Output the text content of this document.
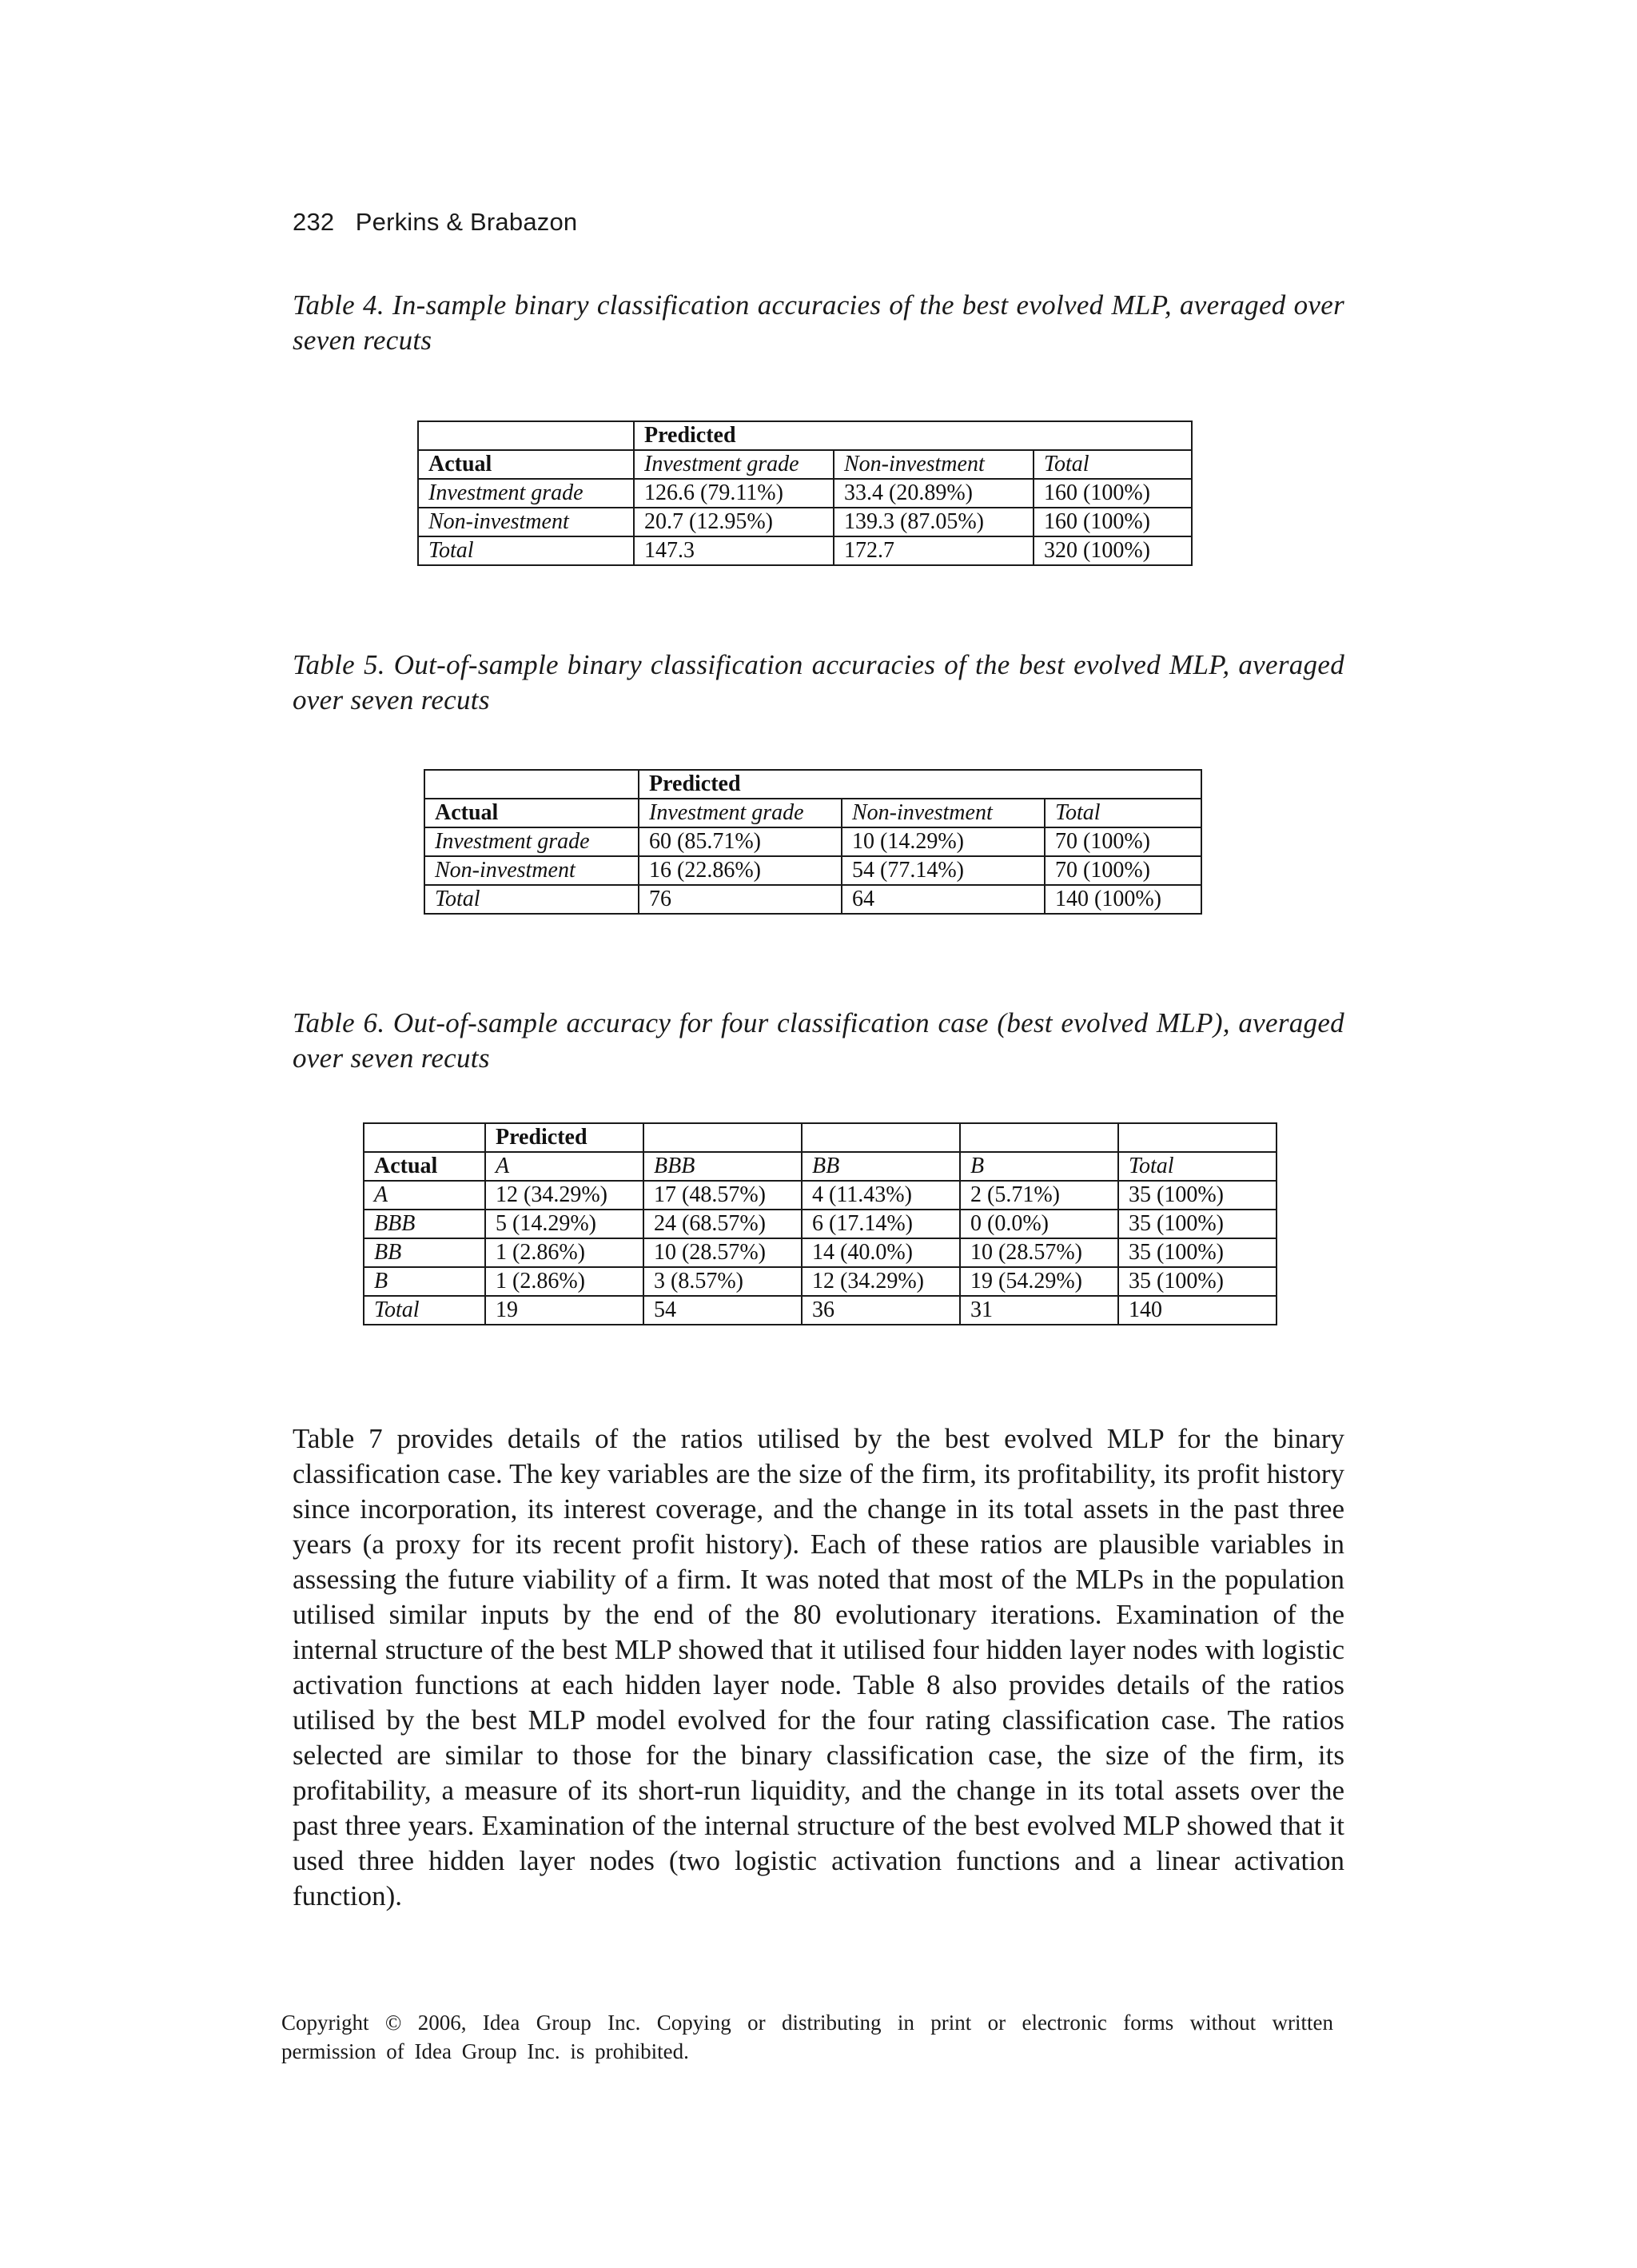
232   Perkins & Brabazon
Table 4. In-sample binary classification accuracies of the best evolved MLP, averaged over seven recuts
	Predicted		
Actual	Investment grade	Non-investment	Total
Investment grade	126.6 (79.11%)	33.4 (20.89%)	160 (100%)
Non-investment	20.7 (12.95%)	139.3 (87.05%)	160 (100%)
Total	147.3	172.7	320 (100%)
Table 5. Out-of-sample binary classification accuracies of the best evolved MLP, averaged over seven recuts
	Predicted		
Actual	Investment grade	Non-investment	Total
Investment grade	60 (85.71%)	10 (14.29%)	70 (100%)
Non-investment	16 (22.86%)	54 (77.14%)	70 (100%)
Total	76	64	140 (100%)
Table 6. Out-of-sample accuracy for four classification case (best evolved MLP), averaged over seven recuts
	Predicted				
Actual	A	BBB	BB	B	Total
A	12 (34.29%)	17 (48.57%)	4 (11.43%)	2 (5.71%)	35 (100%)
BBB	5 (14.29%)	24 (68.57%)	6 (17.14%)	0 (0.0%)	35 (100%)
BB	1 (2.86%)	10 (28.57%)	14 (40.0%)	10 (28.57%)	35 (100%)
B	1 (2.86%)	3 (8.57%)	12 (34.29%)	19 (54.29%)	35 (100%)
Total	19	54	36	31	140

Table 7 provides details of the ratios utilised by the best evolved MLP for the binary classification case. The key variables are the size of the firm, its profitability, its profit history since incorporation, its interest coverage, and the change in its total assets in the past three years (a proxy for its recent profit history). Each of these ratios are plausible variables in assessing the future viability of a firm. It was noted that most of the MLPs in the population utilised similar inputs by the end of the 80 evolutionary iterations. Examination of the internal structure of the best MLP showed that it utilised four hidden layer nodes with logistic activation functions at each hidden layer node. Table 8 also provides details of the ratios utilised by the best MLP model evolved for the four rating classification case. The ratios selected are similar to those for the binary classification case, the size of the firm, its profitability, a measure of its short-run liquidity, and the change in its total assets over the past three years. Examination of the internal structure of the best evolved MLP showed that it used three hidden layer nodes (two logistic activation functions and a linear activation function).

Copyright © 2006, Idea Group Inc. Copying or distributing in print or electronic forms without written permission of Idea Group Inc. is prohibited.
